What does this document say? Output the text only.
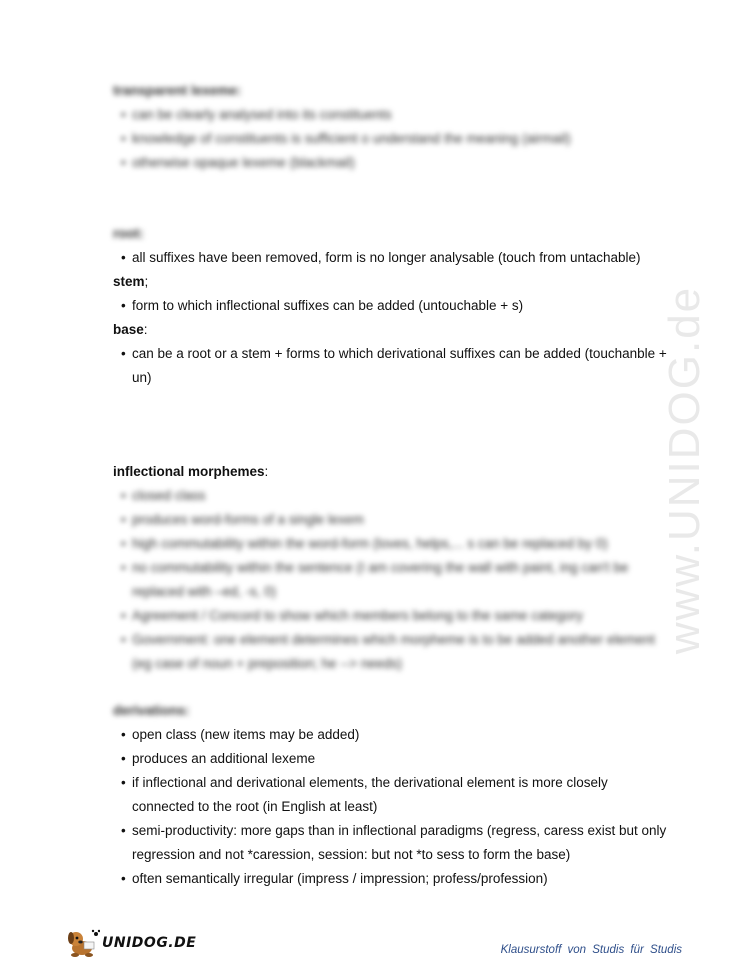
www.UNIDOG.de

transparent lexeme:

• can be clearly analysed into its constituents
• knowledge of constituents is sufficient o understand the meaning (airmail)
• otherwise opaque lexeme (blackmail)

root:

• all suffixes have been removed, form is no longer analysable (touch from untachable)

stem;

• form to which inflectional suffixes can be added (untouchable + s)

base:

• can be a root or a stem + forms to which derivational suffixes can be added (touchanble + un)

inflectional morphemes:

• closed class
• produces word-forms of a single lexem
• high commutability within the word-form (loves, helps,... s can be replaced by 0)
• no commutability within the sentence (I am covering the wall with paint, ing can't be replaced with –ed, -s, 0)
• Agreement / Concord to show which members belong to the same category
• Government: one element determines which morpheme is to be added another element (eg case of noun + preposition; he --> needs)

derivations:

• open class (new items may be added)
• produces an additional lexeme
• if inflectional and derivational elements, the derivational element is more closely connected to the root (in English at least)
• semi-productivity: more gaps than in inflectional paradigms (regress, caress exist but only regression and not *caression, session: but not *to sess to form the base)
• often semantically irregular (impress / impression; profess/profession)
UNIDOG.DE	Klausurstoff von Studis für Studis
